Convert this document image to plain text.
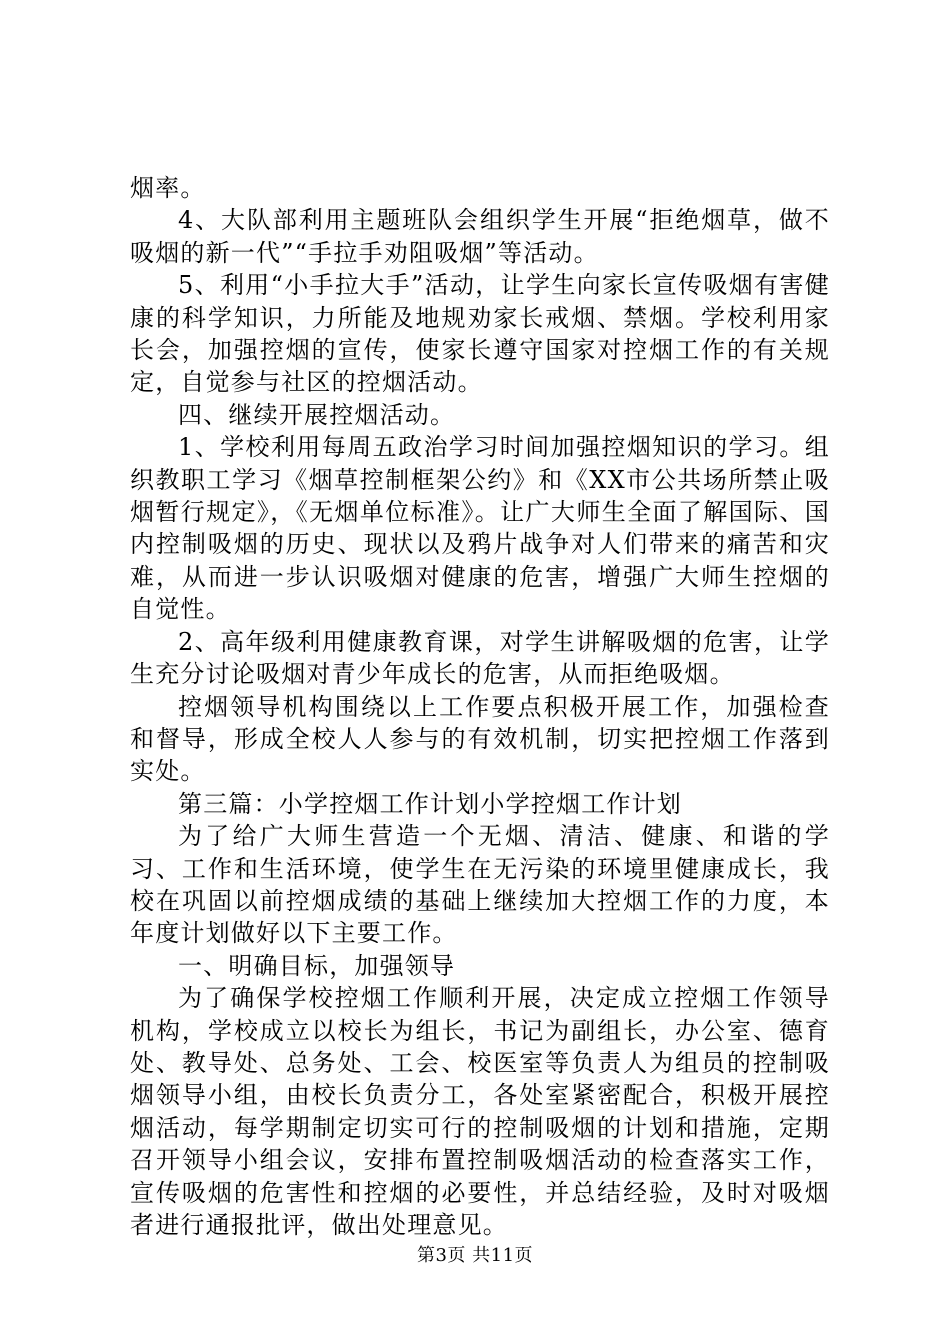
烟率。

4、大队部利用主题班队会组织学生开展“拒绝烟草，做不吸烟的新一代”“手拉手劝阻吸烟”等活动。

5、利用“小手拉大手”活动，让学生向家长宣传吸烟有害健康的科学知识，力所能及地规劝家长戒烟、禁烟。学校利用家长会，加强控烟的宣传，使家长遵守国家对控烟工作的有关规定，自觉参与社区的控烟活动。

四、继续开展控烟活动。

1、学校利用每周五政治学习时间加强控烟知识的学习。组织教职工学习《烟草控制框架公约》和《XX市公共场所禁止吸烟暂行规定》，《无烟单位标准》。让广大师生全面了解国际、国内控制吸烟的历史、现状以及鸦片战争对人们带来的痛苦和灾难，从而进一步认识吸烟对健康的危害，增强广大师生控烟的自觉性。

2、高年级利用健康教育课，对学生讲解吸烟的危害，让学生充分讨论吸烟对青少年成长的危害，从而拒绝吸烟。

控烟领导机构围绕以上工作要点积极开展工作，加强检查和督导，形成全校人人参与的有效机制，切实把控烟工作落到实处。

第三篇：小学控烟工作计划小学控烟工作计划

为了给广大师生营造一个无烟、清洁、健康、和谐的学习、工作和生活环境，使学生在无污染的环境里健康成长，我校在巩固以前控烟成绩的基础上继续加大控烟工作的力度，本年度计划做好以下主要工作。

一、明确目标，加强领导

为了确保学校控烟工作顺利开展，决定成立控烟工作领导机构，学校成立以校长为组长，书记为副组长，办公室、德育处、教导处、总务处、工会、校医室等负责人为组员的控制吸烟领导小组，由校长负责分工，各处室紧密配合，积极开展控烟活动，每学期制定切实可行的控制吸烟的计划和措施，定期召开领导小组会议，安排布置控制吸烟活动的检查落实工作，宣传吸烟的危害性和控烟的必要性，并总结经验，及时对吸烟者进行通报批评，做出处理意见。

第3页 共11页
